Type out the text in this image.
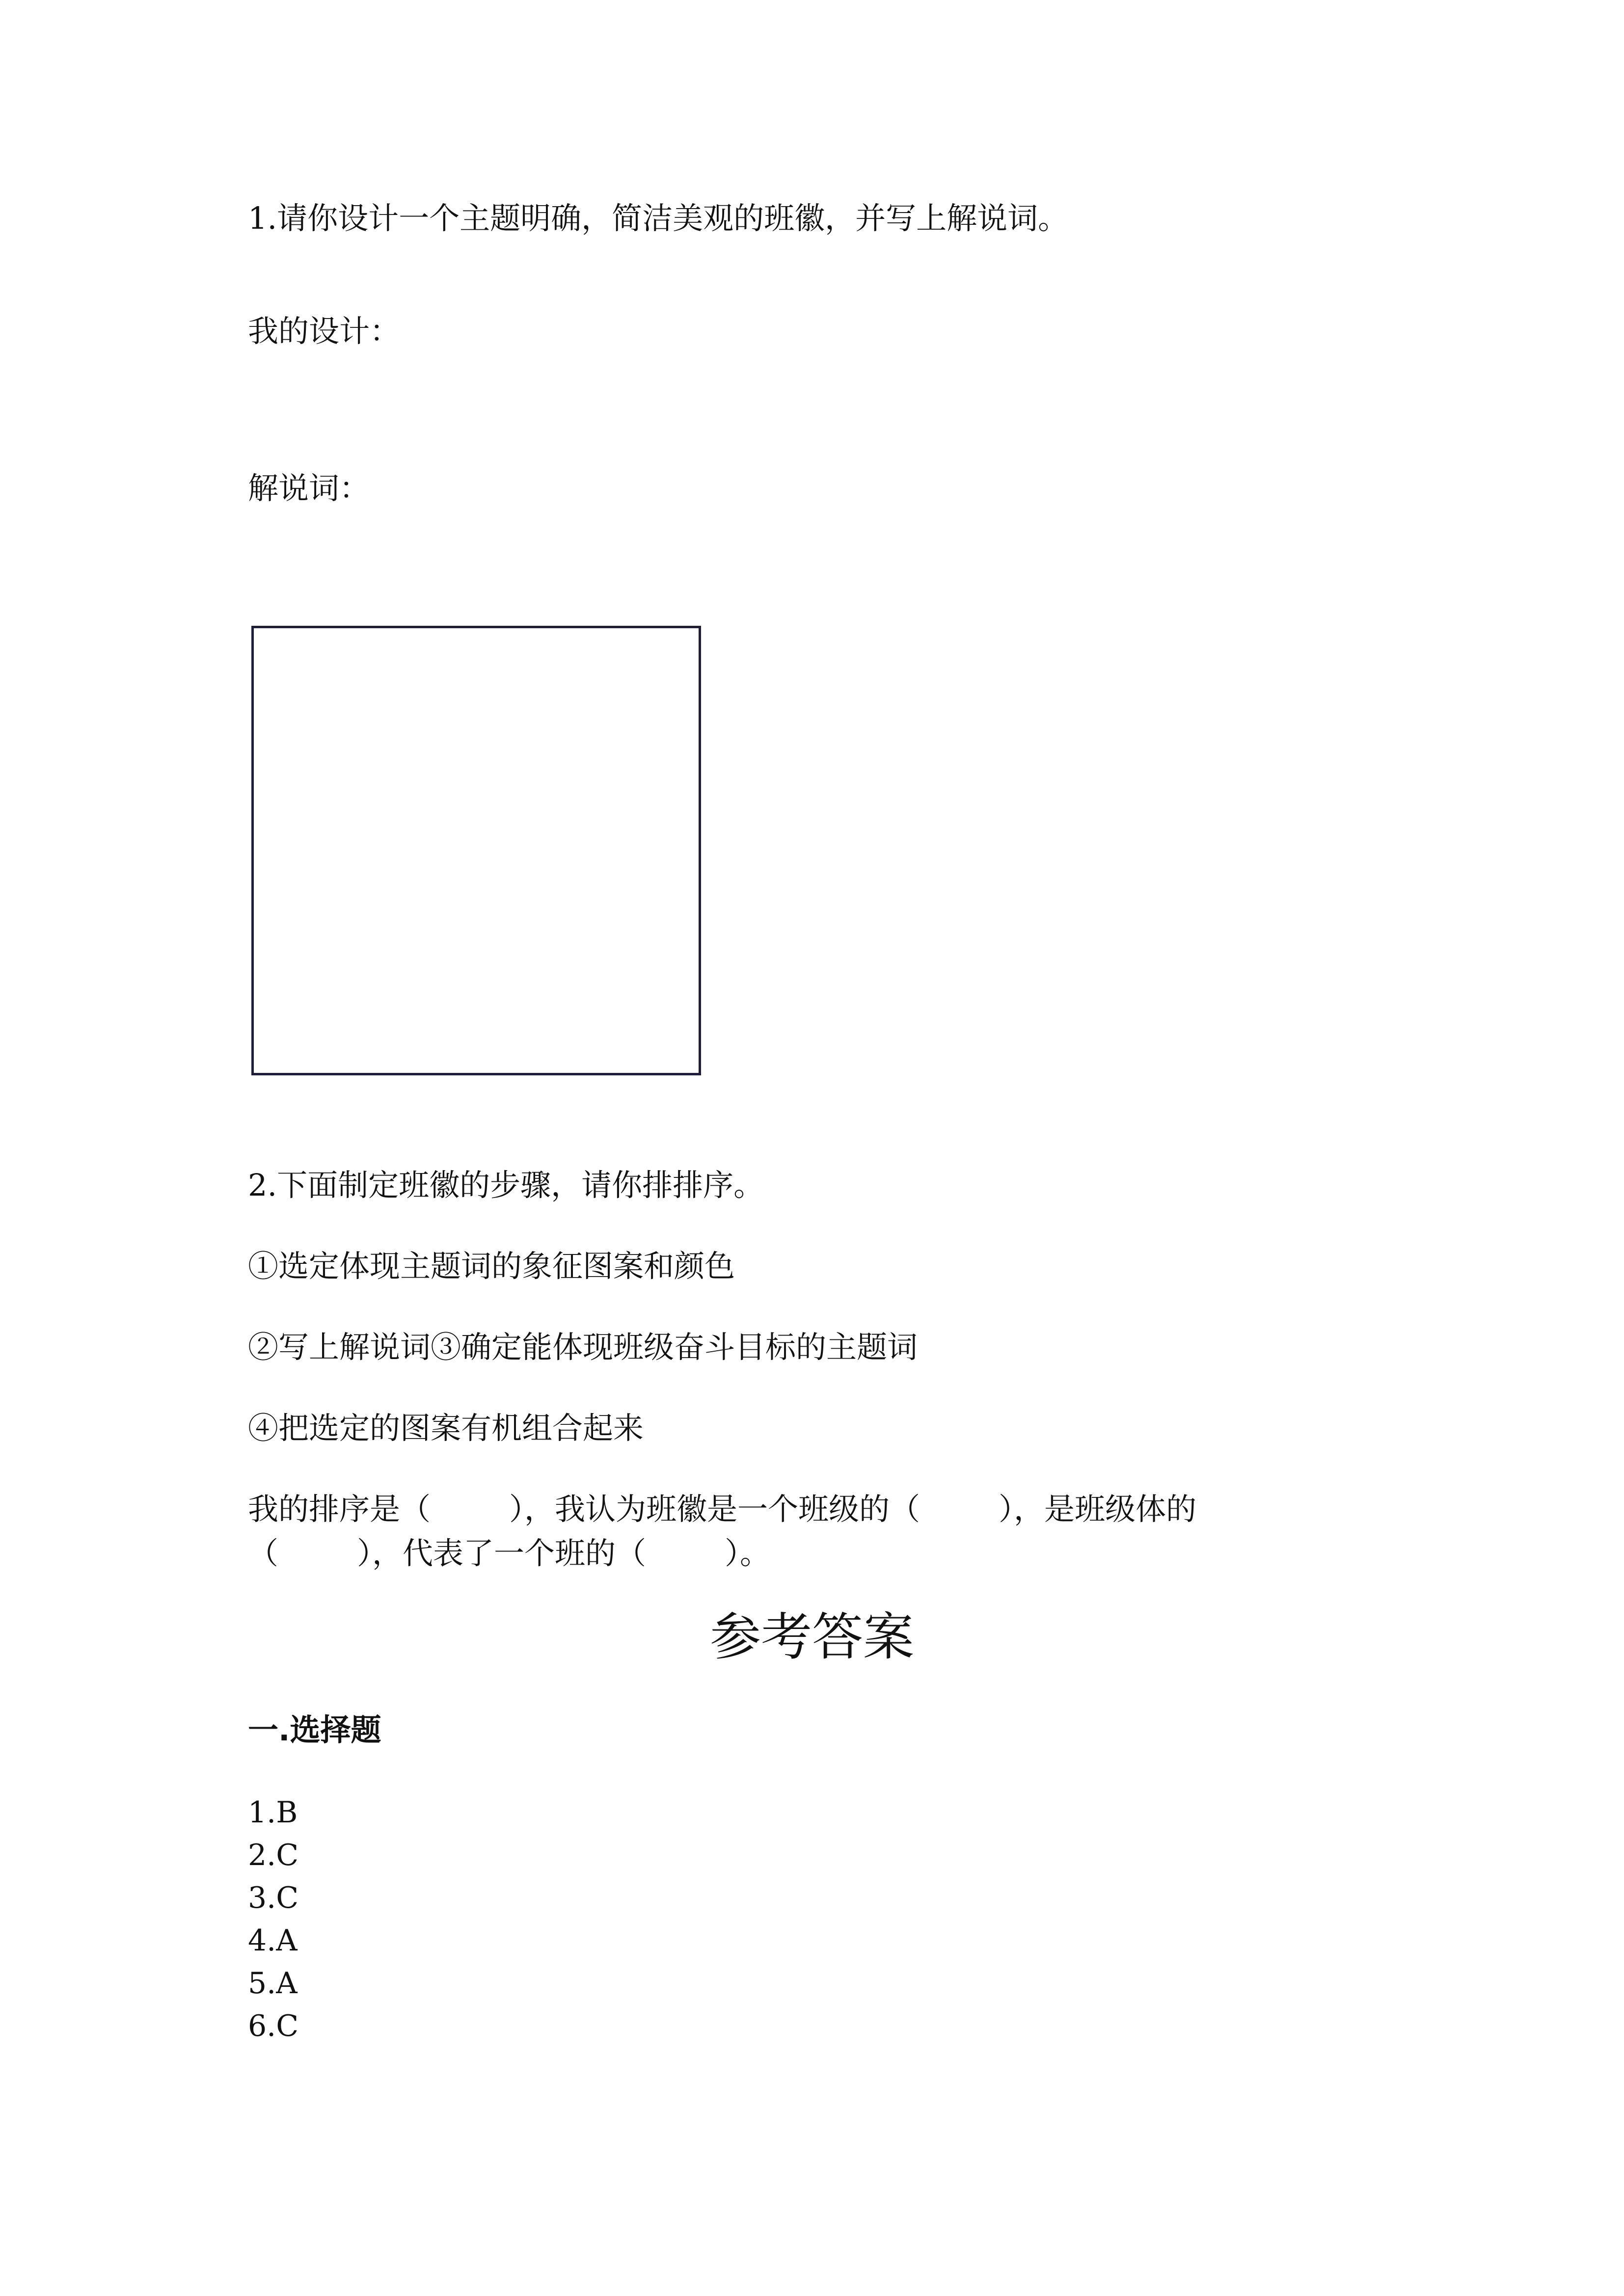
1.请你设计一个主题明确，简洁美观的班徽，并写上解说词。
我的设计：
解说词：
2.下面制定班徽的步骤，请你排排序。
①选定体现主题词的象征图案和颜色
②写上解说词③确定能体现班级奋斗目标的主题词
④把选定的图案有机组合起来
我的排序是（	），我认为班徽是一个班级的（	），是班级体的
（	），代表了一个班的（	）。
参考答案
一.选择题
1.B
2.C
3.C
4.A
5.A
6.C
